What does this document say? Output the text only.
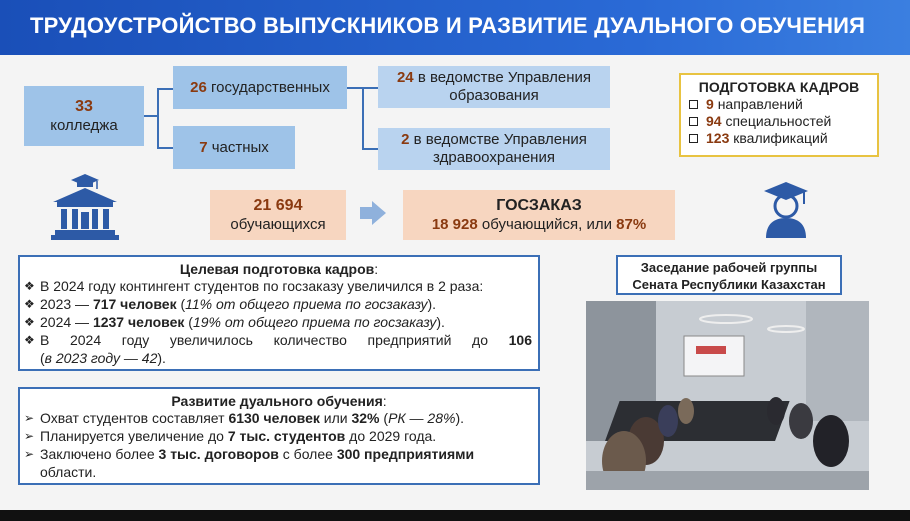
ТРУДОУСТРОЙСТВО ВЫПУСКНИКОВ И РАЗВИТИЕ ДУАЛЬНОГО ОБУЧЕНИЯ
33
колледжа
26 государственных
7 частных
24 в ведомстве Управления
образования
2 в ведомстве Управления
здравоохранения
ПОДГОТОВКА КАДРОВ
9
направлений
94
специальностей
123
квалификаций
21 694
обучающихся
ГОСЗАКАЗ
18 928 обучающийся, или 87%
Целевая подготовка кадров:
❖ В 2024 году контингент студентов по госзаказу увеличился в 2 раза:
❖ 2023 — 717 человек (11% от общего приема по госзаказу).
❖ 2024 — 1237 человек (19% от общего приема по госзаказу).
❖ В 2024 году увеличилось количество предприятий до 106
(в 2023 году — 42).
Развитие дуального обучения:
➢ Охват студентов составляет 6130 человек или 32% (РК — 28%).
➢ Планируется увеличение до 7 тыс. студентов до 2029 года.
➢ Заключено более 3 тыс. договоров с более 300 предприятиями
области.
Заседание рабочей группы
Сената Республики Казахстан
